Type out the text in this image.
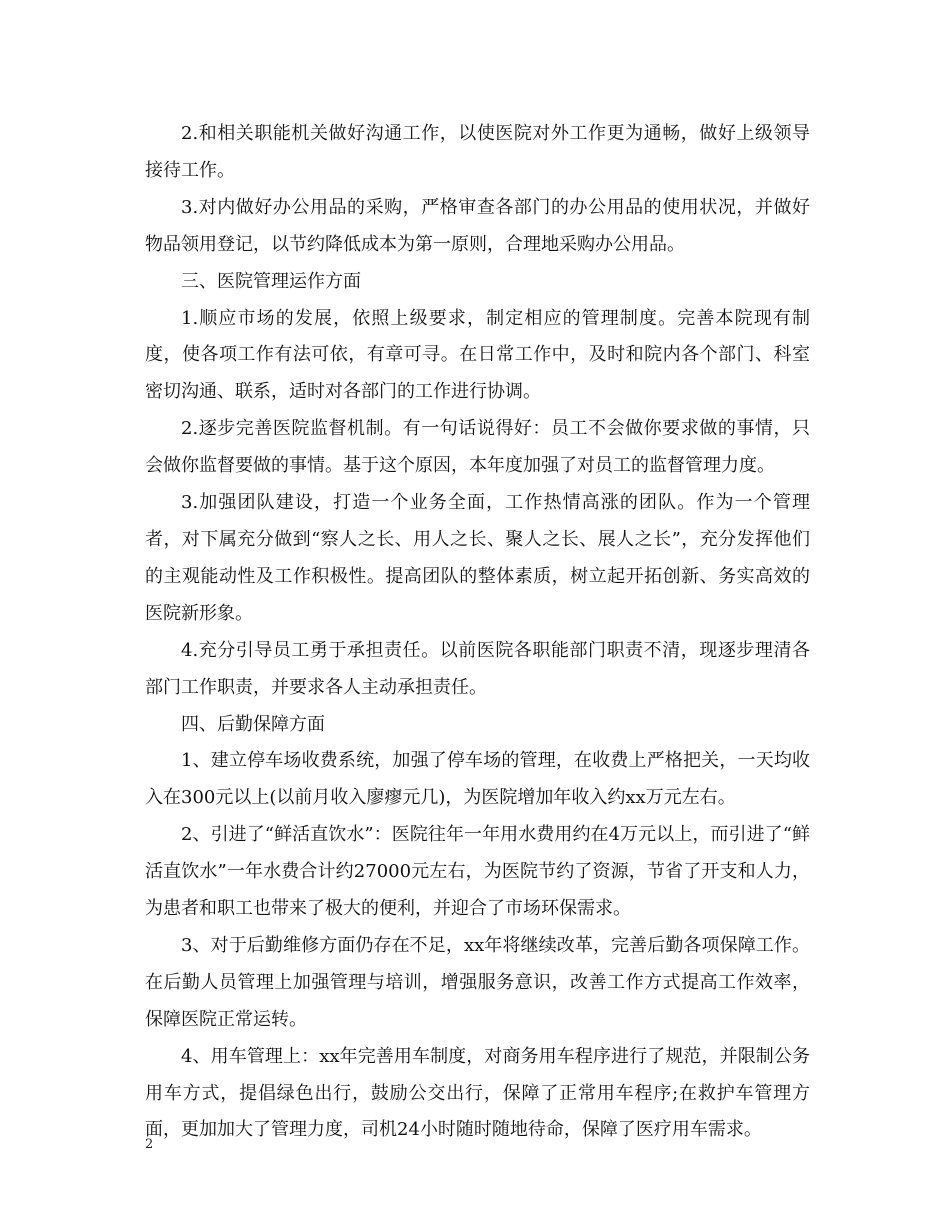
2.和相关职能机关做好沟通工作，以使医院对外工作更为通畅，做好上级领导接待工作。

3.对内做好办公用品的采购，严格审查各部门的办公用品的使用状况，并做好物品领用登记，以节约降低成本为第一原则，合理地采购办公用品。

三、医院管理运作方面

1.顺应市场的发展，依照上级要求，制定相应的管理制度。完善本院现有制度，使各项工作有法可依，有章可寻。在日常工作中，及时和院内各个部门、科室密切沟通、联系，适时对各部门的工作进行协调。

2.逐步完善医院监督机制。有一句话说得好：员工不会做你要求做的事情，只会做你监督要做的事情。基于这个原因，本年度加强了对员工的监督管理力度。

3.加强团队建设，打造一个业务全面，工作热情高涨的团队。作为一个管理者，对下属充分做到“察人之长、用人之长、聚人之长、展人之长”，充分发挥他们的主观能动性及工作积极性。提高团队的整体素质，树立起开拓创新、务实高效的医院新形象。

4.充分引导员工勇于承担责任。以前医院各职能部门职责不清，现逐步理清各部门工作职责，并要求各人主动承担责任。

四、后勤保障方面

1、建立停车场收费系统，加强了停车场的管理，在收费上严格把关，一天均收入在300元以上(以前月收入廖瘳元几)，为医院增加年收入约xx万元左右。

2、引进了“鲜活直饮水”：医院往年一年用水费用约在4万元以上，而引进了“鲜活直饮水”一年水费合计约27000元左右，为医院节约了资源，节省了开支和人力，为患者和职工也带来了极大的便利，并迎合了市场环保需求。

3、对于后勤维修方面仍存在不足，xx年将继续改革，完善后勤各项保障工作。在后勤人员管理上加强管理与培训，增强服务意识，改善工作方式提高工作效率，保障医院正常运转。

4、用车管理上：xx年完善用车制度，对商务用车程序进行了规范，并限制公务用车方式，提倡绿色出行，鼓励公交出行，保障了正常用车程序;在救护车管理方面，更加加大了管理力度，司机24小时随时随地待命，保障了医疗用车需求。

2
